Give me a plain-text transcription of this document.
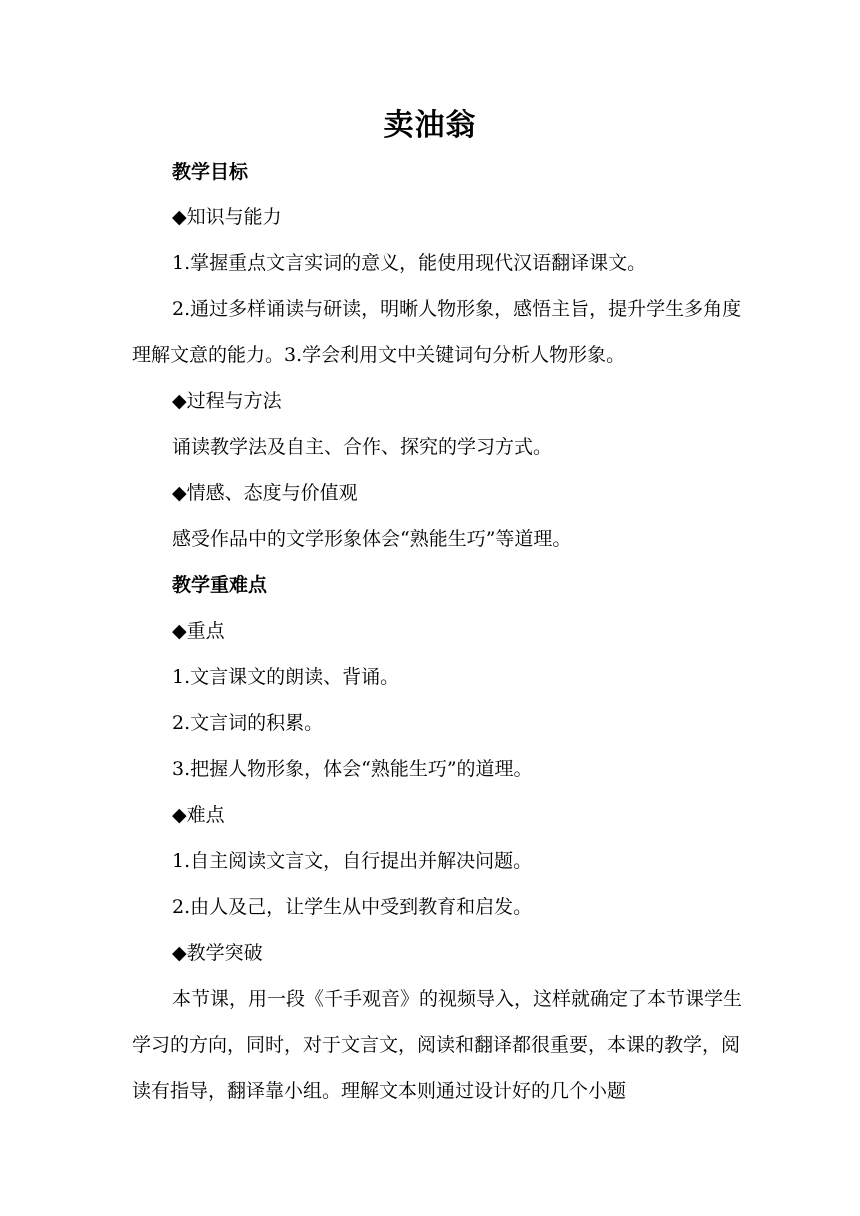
卖油翁
教学目标
◆知识与能力
1.掌握重点文言实词的意义，能使用现代汉语翻译课文。
2.通过多样诵读与研读，明晰人物形象，感悟主旨，提升学生多角度
理解文意的能力。3.学会利用文中关键词句分析人物形象。
◆过程与方法
诵读教学法及自主、合作、探究的学习方式。
◆情感、态度与价值观
感受作品中的文学形象体会“熟能生巧”等道理。
教学重难点
◆重点
1.文言课文的朗读、背诵。
2.文言词的积累。
3.把握人物形象，体会“熟能生巧”的道理。
◆难点
1.自主阅读文言文，自行提出并解决问题。
2.由人及己，让学生从中受到教育和启发。
◆教学突破
本节课，用一段《千手观音》的视频导入，这样就确定了本节课学生
学习的方向，同时，对于文言文，阅读和翻译都很重要，本课的教学，阅
读有指导，翻译靠小组。理解文本则通过设计好的几个小题
